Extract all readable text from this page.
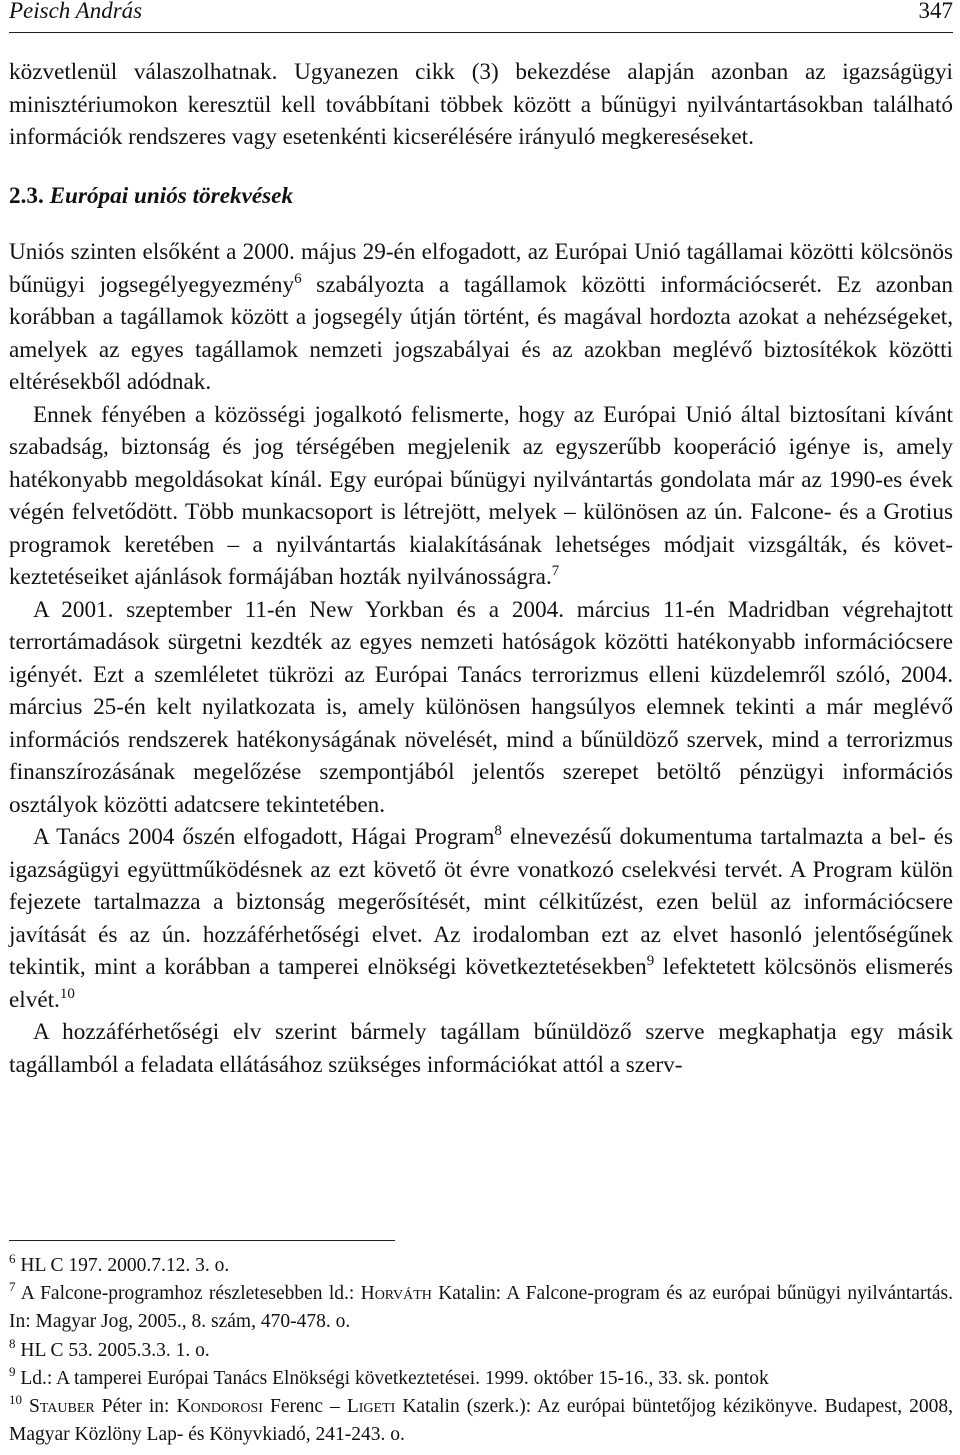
Peisch András	347

közvetlenül válaszolhatnak. Ugyanezen cikk (3) bekezdése alapján azonban az igazságügyi minisztériumokon keresztül kell továbbítani többek között a bűnügyi nyilvántartásokban található információk rendszeres vagy esetenkénti kicserélésére irányuló megkereséseket.

2.3. Európai uniós törekvések

Uniós szinten elsőként a 2000. május 29-én elfogadott, az Európai Unió tagállamai közötti kölcsönös bűnügyi jogsegélyegyezmény$^6$ szabályozta a tagállamok közötti információcserét. Ez azonban korábban a tagállamok között a jogsegély útján történt, és magával hordozta azokat a nehézségeket, amelyek az egyes tagállamok nemzeti jogszabályai és az azokban meglévő biztosítékok közötti eltérésekből adódnak.

Ennek fényében a közösségi jogalkotó felismerte, hogy az Európai Unió által biztosítani kívánt szabadság, biztonság és jog térségében megjelenik az egyszerűbb kooperáció igénye is, amely hatékonyabb megoldásokat kínál. Egy európai bűnügyi nyilvántartás gondolata már az 1990-es évek végén felvetődött. Több munkacsoport is létrejött, melyek – különösen az ún. Falcone- és a Grotius programok keretében – a nyilvántartás kialakításának lehetséges módjait vizsgálták, és következtetéseiket ajánlások formájában hozták nyilvánosságra.$^7$

A 2001. szeptember 11-én New Yorkban és a 2004. március 11-én Madridban végrehajtott terrortámadások sürgetni kezdték az egyes nemzeti hatóságok közötti hatékonyabb információcsere igényét. Ezt a szemléletet tükrözi az Európai Tanács terrorizmus elleni küzdelemről szóló, 2004. március 25-én kelt nyilatkozata is, amely különösen hangsúlyos elemnek tekinti a már meglévő információs rendszerek hatékonyságának növelését, mind a bűnüldöző szervek, mind a terrorizmus finanszírozásának megelőzése szempontjából jelentős szerepet betöltő pénzügyi információs osztályok közötti adatcsere tekintetében.

A Tanács 2004 őszén elfogadott, Hágai Program$^8$ elnevezésű dokumentuma tartalmazta a bel- és igazságügyi együttműködésnek az ezt követő öt évre vonatkozó cselekvési tervét. A Program külön fejezete tartalmazza a biztonság megerősítését, mint célkitűzést, ezen belül az információcsere javítását és az ún. hozzáférhetőségi elvet. Az irodalomban ezt az elvet hasonló jelentőségűnek tekintik, mint a korábban a tamperei elnökségi következtetésekben$^9$ lefektetett kölcsönös elismerés elvét.$^{10}$

A hozzáférhetőségi elv szerint bármely tagállam bűnüldöző szerve megkaphatja egy másik tagállamból a feladata ellátásához szükséges információkat attól a szerv-

$^6$ HL C 197. 2000.7.12. 3. o.

$^7$ A Falcone-programhoz részletesebben ld.: Horváth Katalin: A Falcone-program és az európai bűnügyi nyilvántartás. In: Magyar Jog, 2005., 8. szám, 470-478. o.

$^8$ HL C 53. 2005.3.3. 1. o.

$^9$ Ld.: A tamperei Európai Tanács Elnökségi következtetései. 1999. október 15-16., 33. sk. pontok

$^{10}$ Stauber Péter in: Kondorosi Ferenc – Ligeti Katalin (szerk.): Az európai büntetőjog kézikönyve. Budapest, 2008, Magyar Közlöny Lap- és Könyvkiadó, 241-243. o.
